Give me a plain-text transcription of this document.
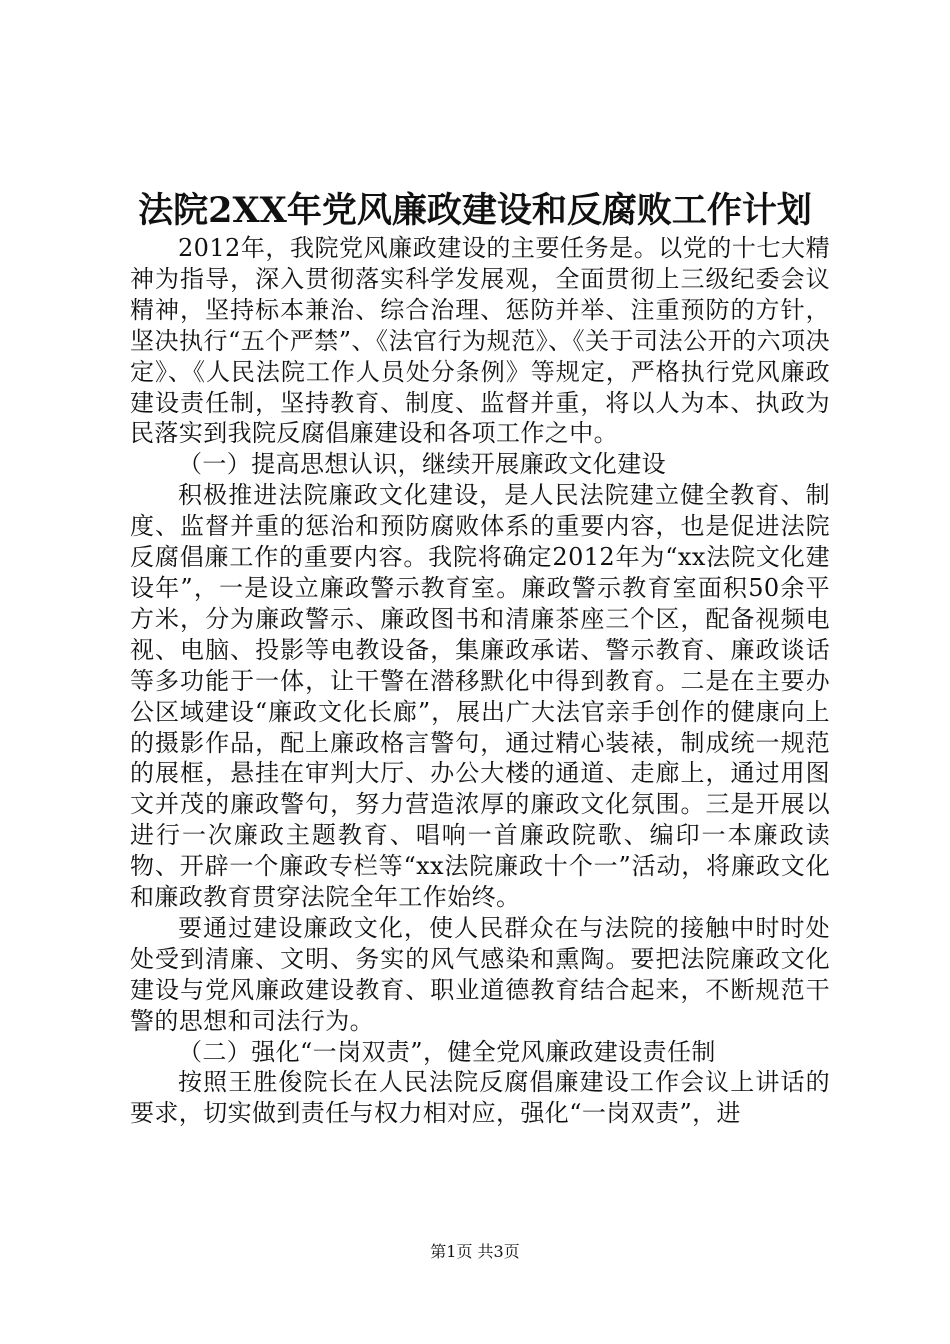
法院2XX年党风廉政建设和反腐败工作计划

2012年，我院党风廉政建设的主要任务是。以党的十七大精神为指导，深入贯彻落实科学发展观，全面贯彻上三级纪委会议精神，坚持标本兼治、综合治理、惩防并举、注重预防的方针，坚决执行“五个严禁”、《法官行为规范》、《关于司法公开的六项决定》、《人民法院工作人员处分条例》等规定，严格执行党风廉政建设责任制，坚持教育、制度、监督并重，将以人为本、执政为民落实到我院反腐倡廉建设和各项工作之中。

（一）提高思想认识，继续开展廉政文化建设

积极推进法院廉政文化建设，是人民法院建立健全教育、制度、监督并重的惩治和预防腐败体系的重要内容，也是促进法院反腐倡廉工作的重要内容。我院将确定2012年为“xx法院文化建设年”，一是设立廉政警示教育室。廉政警示教育室面积50余平方米，分为廉政警示、廉政图书和清廉茶座三个区，配备视频电视、电脑、投影等电教设备，集廉政承诺、警示教育、廉政谈话等多功能于一体，让干警在潜移默化中得到教育。二是在主要办公区域建设“廉政文化长廊”，展出广大法官亲手创作的健康向上的摄影作品，配上廉政格言警句，通过精心装裱，制成统一规范的展框，悬挂在审判大厅、办公大楼的通道、走廊上，通过用图文并茂的廉政警句，努力营造浓厚的廉政文化氛围。三是开展以进行一次廉政主题教育、唱响一首廉政院歌、编印一本廉政读物、开辟一个廉政专栏等“xx法院廉政十个一”活动，将廉政文化和廉政教育贯穿法院全年工作始终。

要通过建设廉政文化，使人民群众在与法院的接触中时时处处受到清廉、文明、务实的风气感染和熏陶。要把法院廉政文化建设与党风廉政建设教育、职业道德教育结合起来，不断规范干警的思想和司法行为。

（二）强化“一岗双责”，健全党风廉政建设责任制

按照王胜俊院长在人民法院反腐倡廉建设工作会议上讲话的要求，切实做到责任与权力相对应，强化“一岗双责”，进

第1页 共3页
